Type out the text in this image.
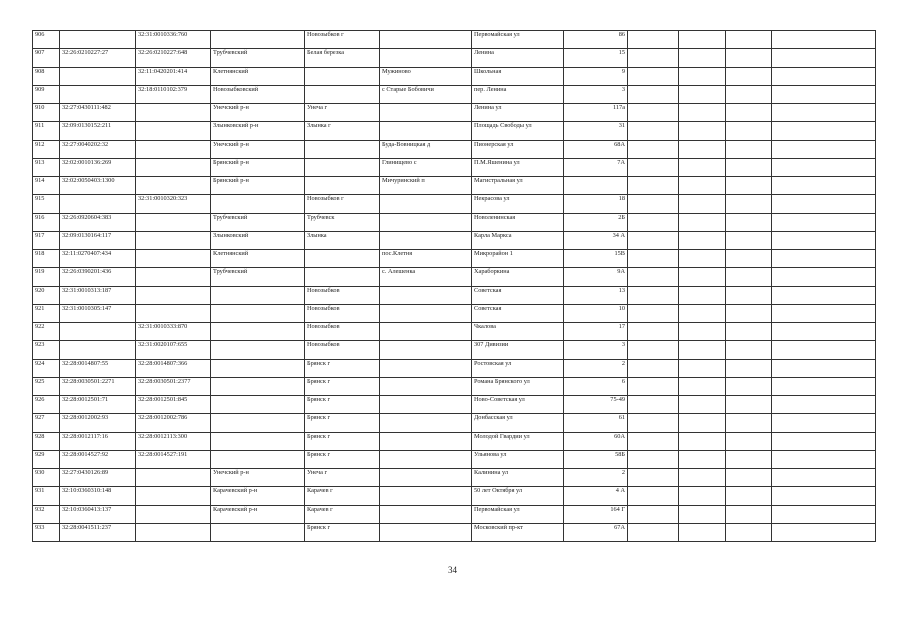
906		32:31:0010336:760		Новозыбков г		Первомайская ул	86				
907	32:26:0210227:27	32:26:0210227:648	Трубчевский	Белая березка		Ленина	15				
908		32:11:0420201:414	Клетнянский		Мужиново	Школьная	9				
909		32:18:0110102:379	Новозыбковский		с Старые Бобовичи	пер. Ленина	3				
910	32:27:0430111:482		Унечский р-н	Унеча г		Ленина ул	117а				
911	32:09:0130152:211		Злынковский р-н	Злынка г		Площадь Свободы ул	31				
912	32:27:0040202:32		Унечский р-н		Буда-Вовницкая д	Пионерская ул	68А				
913	32:02:0010136:269		Брянский р-н		Глинищево с	П.М.Яшенина ул	7А				
914	32:02:0050403:1300		Брянский р-н		Мичуринский п	Магистральная ул					
915		32:31:0010320:323		Новозыбков г		Некрасова ул	18				
916	32:26:0920604:383		Трубчевский	Трубчевск		Новоленинская	2Б				
917	32:09:0130164:117		Злынковский	Злынка		Карла Маркса	34 А				
918	32:11:0270407:434		Клетнянский		пос.Клетня	Микрорайон 1	15В				
919	32:26:0390201:436		Трубчевский		с. Алешенка	Хараборкина	9А				
920	32:31:0010313:187			Новозыбков		Советская	13				
921	32:31:0010305:147			Новозыбков		Советская	10				
922		32:31:0010333:870		Новозыбков		Чкалова	17				
923		32:31:0020107:655		Новозыбков		307 Дивизии	3				
924	32:28:0014807:55	32:28:0014807:366		Брянск г		Ростовская ул	2				
925	32:28:0030501:2271	32:28:0030501:2377		Брянск г		Романа Брянского ул	6				
926	32:28:0012501:71	32:28:0012501:845		Брянск г		Ново-Советская ул	75-49				
927	32:28:0012002:93	32:28:0012002:786		Брянск г		Донбасская ул	61				
928	32:28:0012117:16	32:28:0012113:300		Брянск г		Молодой Гвардии ул	60А				
929	32:28:0014527:92	32:28:0014527:191		Брянск г		Ульянова ул	58Б				
930	32:27:0430126:89		Унечский р-н	Унеча г		Калинина ул	2				
931	32:10:0360310:148		Карачевский р-н	Карачев г		50 лет Октября ул	4 А				
932	32:10:0360413:137		Карачевский р-н	Карачев г		Первомайская ул	164 Г				
933	32:28:0041511:237			Брянск г		Московский пр-кт	67А				
34
